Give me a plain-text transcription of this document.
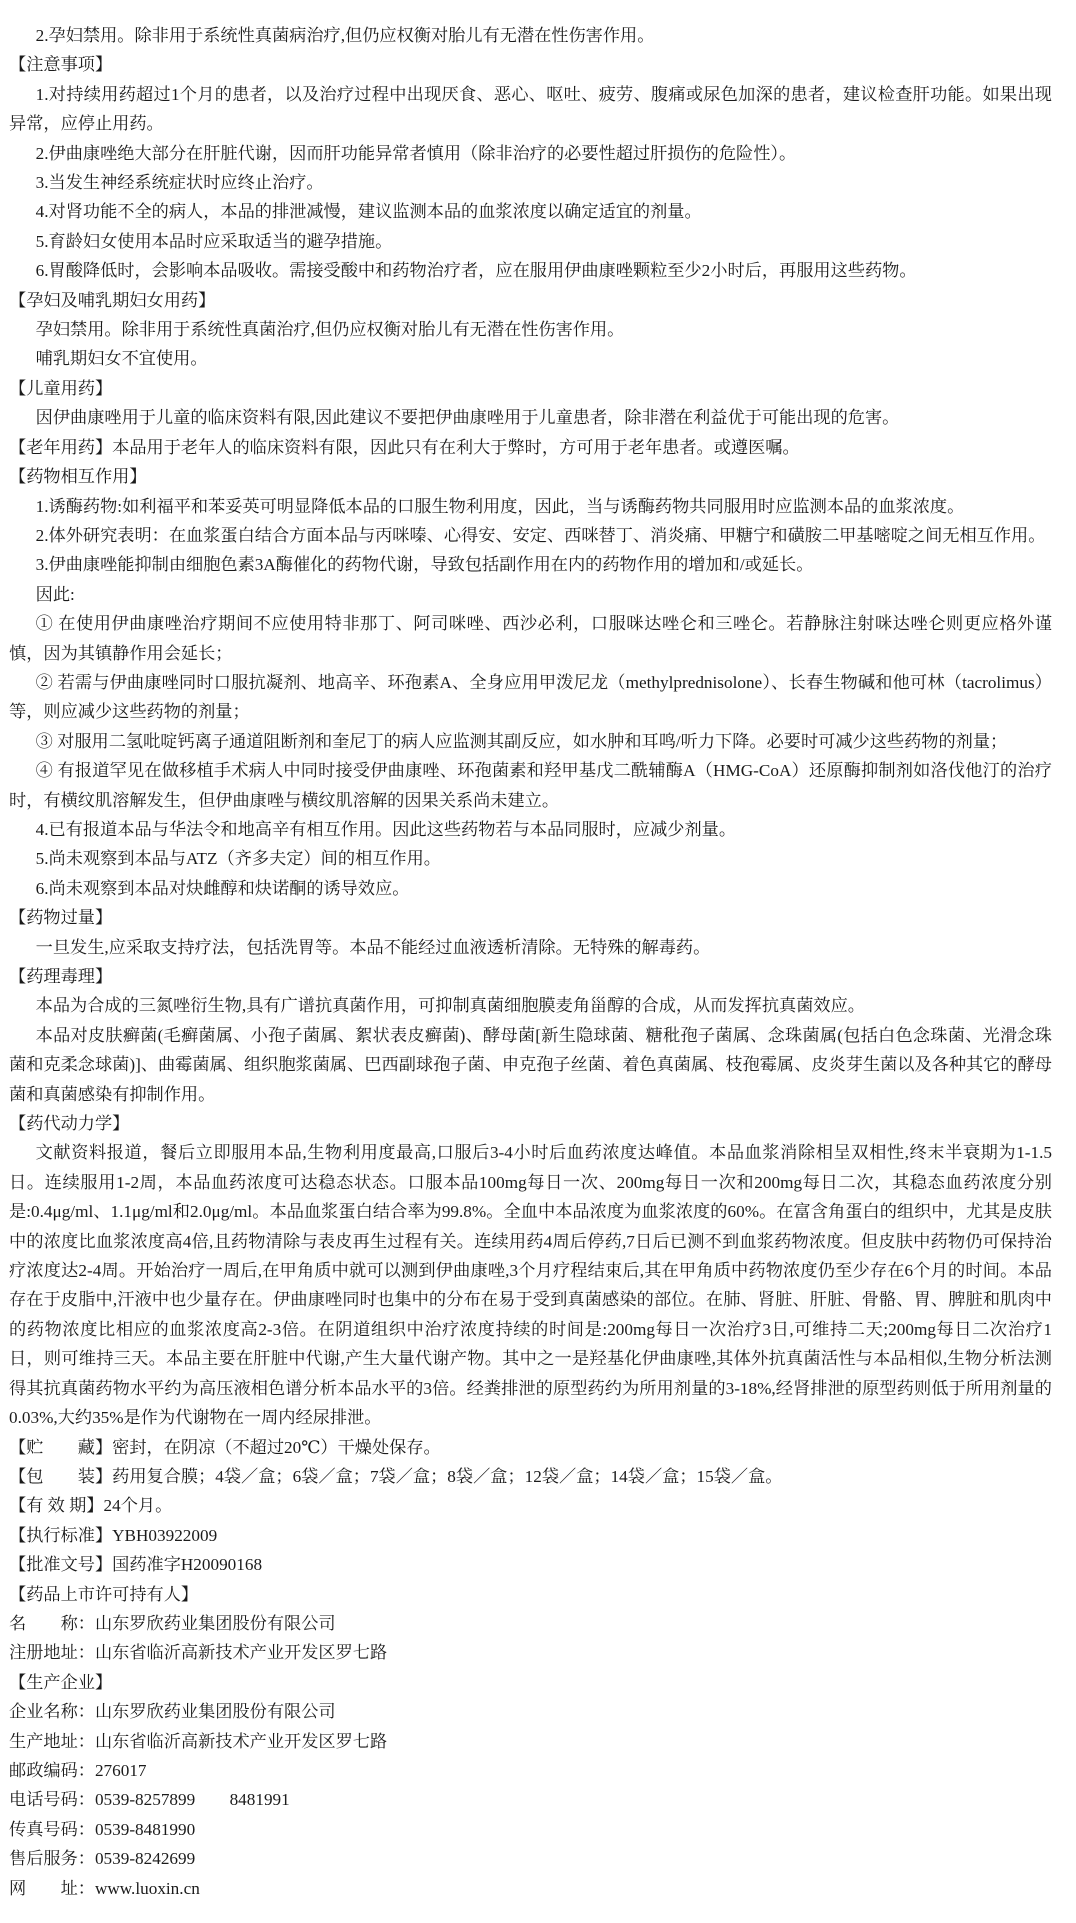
2.孕妇禁用。除非用于系统性真菌病治疗,但仍应权衡对胎儿有无潜在性伤害作用。

【注意事项】

1.对持续用药超过1个月的患者，以及治疗过程中出现厌食、恶心、呕吐、疲劳、腹痛或尿色加深的患者，建议检查肝功能。如果出现异常，应停止用药。

2.伊曲康唑绝大部分在肝脏代谢，因而肝功能异常者慎用（除非治疗的必要性超过肝损伤的危险性）。

3.当发生神经系统症状时应终止治疗。

4.对肾功能不全的病人，本品的排泄减慢，建议监测本品的血浆浓度以确定适宜的剂量。

5.育龄妇女使用本品时应采取适当的避孕措施。

6.胃酸降低时，会影响本品吸收。需接受酸中和药物治疗者，应在服用伊曲康唑颗粒至少2小时后，再服用这些药物。

【孕妇及哺乳期妇女用药】

孕妇禁用。除非用于系统性真菌治疗,但仍应权衡对胎儿有无潜在性伤害作用。

哺乳期妇女不宜使用。

【儿童用药】

因伊曲康唑用于儿童的临床资料有限,因此建议不要把伊曲康唑用于儿童患者，除非潜在利益优于可能出现的危害。

【老年用药】本品用于老年人的临床资料有限，因此只有在利大于弊时，方可用于老年患者。或遵医嘱。

【药物相互作用】

1.诱酶药物:如利福平和苯妥英可明显降低本品的口服生物利用度，因此，当与诱酶药物共同服用时应监测本品的血浆浓度。

2.体外研究表明：在血浆蛋白结合方面本品与丙咪嗪、心得安、安定、西咪替丁、消炎痛、甲糖宁和磺胺二甲基嘧啶之间无相互作用。

3.伊曲康唑能抑制由细胞色素3A酶催化的药物代谢，导致包括副作用在内的药物作用的增加和/或延长。

因此:

① 在使用伊曲康唑治疗期间不应使用特非那丁、阿司咪唑、西沙必利，口服咪达唑仑和三唑仑。若静脉注射咪达唑仑则更应格外谨慎，因为其镇静作用会延长；

② 若需与伊曲康唑同时口服抗凝剂、地高辛、环孢素A、全身应用甲泼尼龙（methylprednisolone）、长春生物碱和他可林（tacrolimus）等，则应减少这些药物的剂量；

③ 对服用二氢吡啶钙离子通道阻断剂和奎尼丁的病人应监测其副反应，如水肿和耳鸣/听力下降。必要时可减少这些药物的剂量；

④ 有报道罕见在做移植手术病人中同时接受伊曲康唑、环孢菌素和羟甲基戊二酰辅酶A（HMG-CoA）还原酶抑制剂如洛伐他汀的治疗时，有横纹肌溶解发生，但伊曲康唑与横纹肌溶解的因果关系尚未建立。

4.已有报道本品与华法令和地高辛有相互作用。因此这些药物若与本品同服时，应减少剂量。

5.尚未观察到本品与ATZ（齐多夫定）间的相互作用。

6.尚未观察到本品对炔雌醇和炔诺酮的诱导效应。

【药物过量】

一旦发生,应采取支持疗法，包括洗胃等。本品不能经过血液透析清除。无特殊的解毒药。

【药理毒理】

本品为合成的三氮唑衍生物,具有广谱抗真菌作用，可抑制真菌细胞膜麦角甾醇的合成，从而发挥抗真菌效应。

本品对皮肤癣菌(毛癣菌属、小孢子菌属、絮状表皮癣菌)、酵母菌[新生隐球菌、糖秕孢子菌属、念珠菌属(包括白色念珠菌、光滑念珠菌和克柔念球菌)]、曲霉菌属、组织胞浆菌属、巴西副球孢子菌、申克孢子丝菌、着色真菌属、枝孢霉属、皮炎芽生菌以及各种其它的酵母菌和真菌感染有抑制作用。

【药代动力学】

文献资料报道，餐后立即服用本品,生物利用度最高,口服后3-4小时后血药浓度达峰值。本品血浆消除相呈双相性,终末半衰期为1-1.5日。连续服用1-2周，本品血药浓度可达稳态状态。口服本品100mg每日一次、200mg每日一次和200mg每日二次，其稳态血药浓度分别是:0.4μg/ml、1.1μg/ml和2.0μg/ml。本品血浆蛋白结合率为99.8%。全血中本品浓度为血浆浓度的60%。在富含角蛋白的组织中，尤其是皮肤中的浓度比血浆浓度高4倍,且药物清除与表皮再生过程有关。连续用药4周后停药,7日后已测不到血浆药物浓度。但皮肤中药物仍可保持治疗浓度达2-4周。开始治疗一周后,在甲角质中就可以测到伊曲康唑,3个月疗程结束后,其在甲角质中药物浓度仍至少存在6个月的时间。本品存在于皮脂中,汗液中也少量存在。伊曲康唑同时也集中的分布在易于受到真菌感染的部位。在肺、肾脏、肝脏、骨骼、胃、脾脏和肌肉中的药物浓度比相应的血浆浓度高2-3倍。在阴道组织中治疗浓度持续的时间是:200mg每日一次治疗3日,可维持二天;200mg每日二次治疗1日，则可维持三天。本品主要在肝脏中代谢,产生大量代谢产物。其中之一是羟基化伊曲康唑,其体外抗真菌活性与本品相似,生物分析法测得其抗真菌药物水平约为高压液相色谱分析本品水平的3倍。经粪排泄的原型药约为所用剂量的3-18%,经肾排泄的原型药则低于所用剂量的0.03%,大约35%是作为代谢物在一周内经尿排泄。

【贮　　藏】密封，在阴凉（不超过20℃）干燥处保存。

【包　　装】药用复合膜；4袋／盒；6袋／盒；7袋／盒；8袋／盒；12袋／盒；14袋／盒；15袋／盒。

【有 效 期】24个月。

【执行标准】YBH03922009

【批准文号】国药准字H20090168

【药品上市许可持有人】

名　　称：山东罗欣药业集团股份有限公司

注册地址：山东省临沂高新技术产业开发区罗七路

【生产企业】

企业名称：山东罗欣药业集团股份有限公司

生产地址：山东省临沂高新技术产业开发区罗七路

邮政编码：276017

电话号码：0539-8257899　　8481991

传真号码：0539-8481990

售后服务：0539-8242699

网　　址：www.luoxin.cn
